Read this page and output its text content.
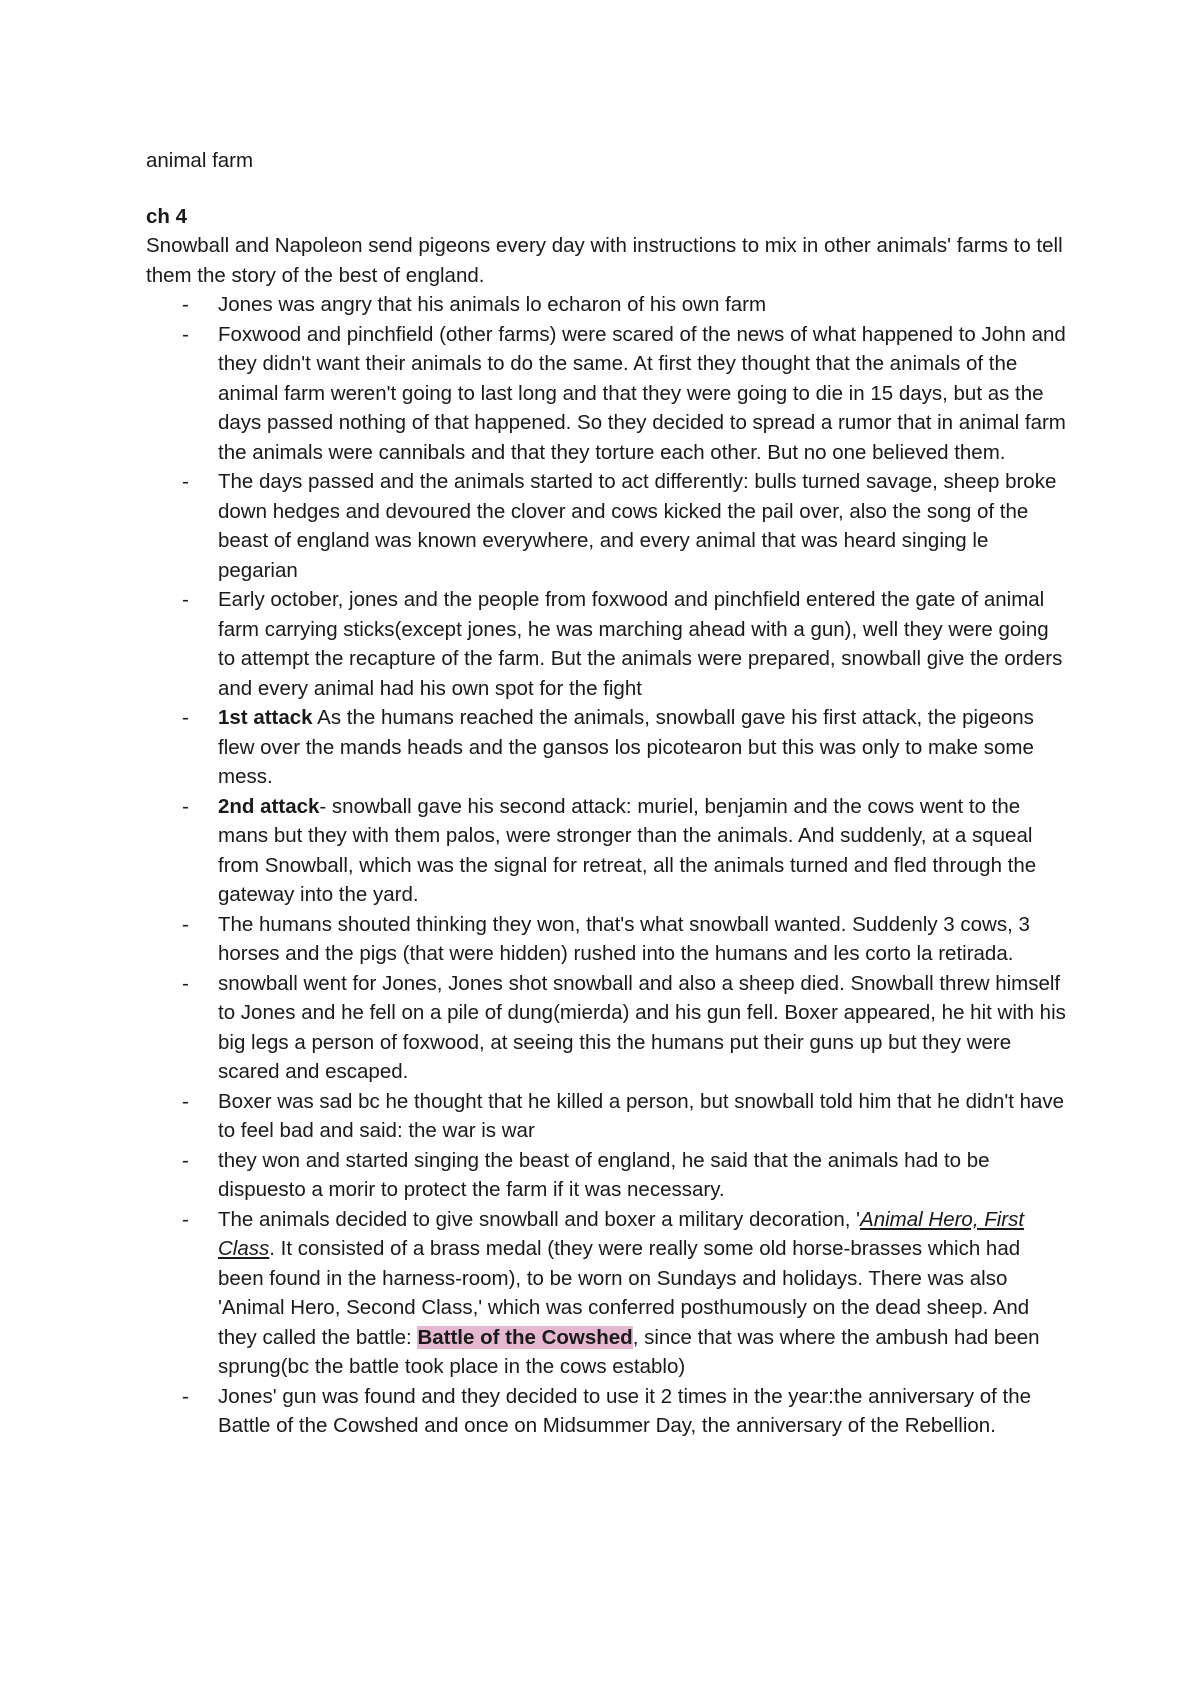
animal farm

ch 4

Snowball and Napoleon send pigeons every day with instructions to mix in other animals' farms to tell them the story of the best of england.

- Jones was angry that his animals lo echaron of his own farm
- Foxwood and pinchfield (other farms) were scared of the news of what happened to John and they didn't want their animals to do the same. At first they thought that the animals of the animal farm weren't going to last long and that they were going to die in 15 days, but as the days passed nothing of that happened. So they decided to spread a rumor that in animal farm the animals were cannibals and that they torture each other. But no one believed them.
- The days passed and the animals started to act differently: bulls turned savage, sheep broke down hedges and devoured the clover and cows kicked the pail over, also the song of the beast of england was known everywhere, and every animal that was heard singing le pegarian
- Early october, jones and the people from foxwood and pinchfield entered the gate of animal farm carrying sticks(except jones, he was marching ahead with a gun), well they were going to attempt the recapture of the farm. But the animals were prepared, snowball give the orders and every animal had his own spot for the fight
- 1st attack As the humans reached the animals, snowball gave his first attack, the pigeons flew over the mands heads and the gansos los picotearon but this was only to make some mess.
- 2nd attack- snowball gave his second attack: muriel, benjamin and the cows went to the mans but they with them palos, were stronger than the animals. And suddenly, at a squeal from Snowball, which was the signal for retreat, all the animals turned and fled through the gateway into the yard.
- The humans shouted thinking they won, that's what snowball wanted. Suddenly 3 cows, 3 horses and the pigs (that were hidden) rushed into the humans and les corto la retirada.
- snowball went for Jones, Jones shot snowball and also a sheep died. Snowball threw himself to Jones and he fell on a pile of dung(mierda) and his gun fell. Boxer appeared, he hit with his big legs a person of foxwood, at seeing this the humans put their guns up but they were scared and escaped.
- Boxer was sad bc he thought that he killed a person, but snowball told him that he didn't have to feel bad and said: the war is war
- they won and started singing the beast of england, he said that the animals had to be dispuesto a morir to protect the farm if it was necessary.
- The animals decided to give snowball and boxer a military decoration, 'Animal Hero, First Class. It consisted of a brass medal (they were really some old horse-brasses which had been found in the harness-room), to be worn on Sundays and holidays. There was also 'Animal Hero, Second Class,' which was conferred posthumously on the dead sheep. And they called the battle: Battle of the Cowshed, since that was where the ambush had been sprung(bc the battle took place in the cows establo)
- Jones' gun was found and they decided to use it 2 times in the year:the anniversary of the Battle of the Cowshed and once on Midsummer Day, the anniversary of the Rebellion.
